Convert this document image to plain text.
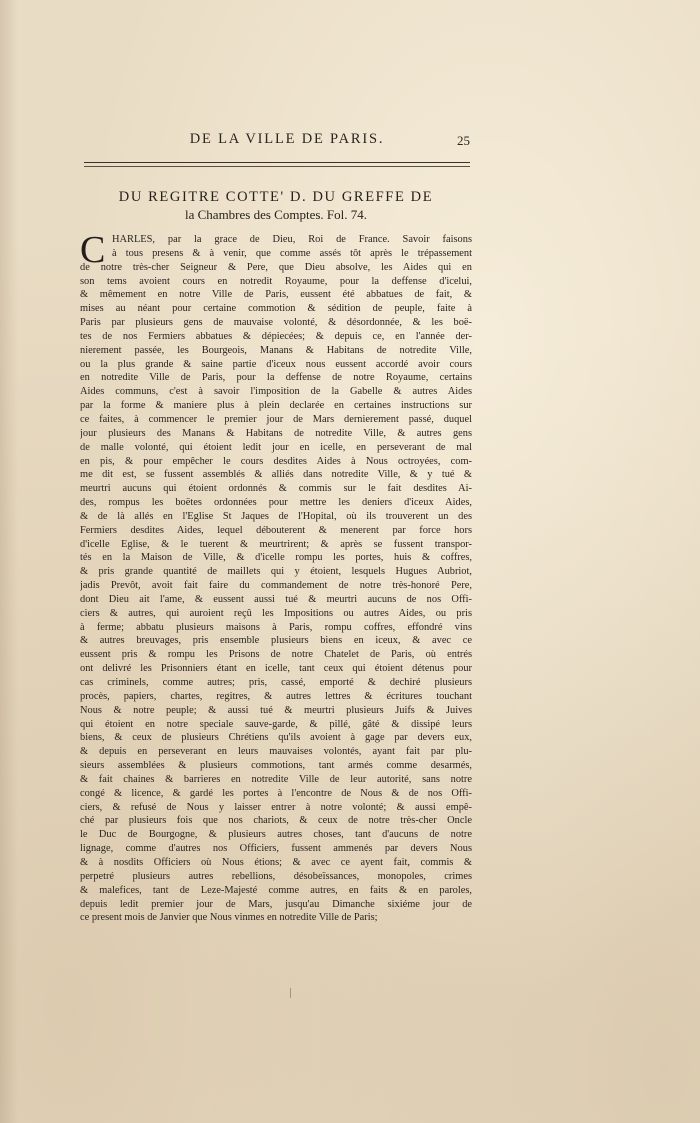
DE LA VILLE DE PARIS.	25
DU REGITRE COTTE' D. DU GREFFE DE
la Chambres des Comptes. Fol. 74.
C HARLES, par la grace de Dieu, Roi de France. Savoir faisons
à tous presens & à venir, que comme assés tôt après le trépassement
de notre très-cher Seigneur & Pere, que Dieu absolve, les Aides qui en
son tems avoient cours en notredit Royaume, pour la deffense d'icelui,
& mêmement en notre Ville de Paris, eussent été abbatues de fait, &
mises au néant pour certaine commotion & sédition de peuple, faite à
Paris par plusieurs gens de mauvaise volonté, & désordonnée, & les boë-
tes de nos Fermiers abbatues & dépiecées; & depuis ce, en l'année der-
nierement passée, les Bourgeois, Manans & Habitans de notredite Ville,
ou la plus grande & saine partie d'iceux nous eussent accordé avoir cours
en notredite Ville de Paris, pour la deffense de notre Royaume, certains
Aides communs, c'est à savoir l'imposition de la Gabelle & autres Aides
par la forme & maniere plus à plein declarée en certaines instructions sur
ce faites, à commencer le premier jour de Mars dernierement passé, duquel
jour plusieurs des Manans & Habitans de notredite Ville, & autres gens
de malle volonté, qui étoient ledit jour en icelle, en perseverant de mal
en pis, & pour empêcher le cours desdites Aides à Nous octroyées, com-
me dit est, se fussent assemblés & alliés dans notredite Ville, & y tué &
meurtri aucuns qui étoient ordonnés & commis sur le fait desdites Ai-
des, rompus les boëtes ordonnées pour mettre les deniers d'iceux Aides,
& de là allés en l'Eglise St Jaques de l'Hopital, où ils trouverent un des
Fermiers desdites Aides, lequel débouterent & menerent par force hors
d'icelle Eglise, & le tuerent & meurtrirent; & après se fussent transpor-
tés en la Maison de Ville, & d'icelle rompu les portes, huis & coffres,
& pris grande quantité de maillets qui y étoient, lesquels Hugues Aubriot,
jadis Prevôt, avoit fait faire du commandement de notre très-honoré Pere,
dont Dieu ait l'ame, & eussent aussi tué & meurtri aucuns de nos Offi-
ciers & autres, qui auroient reçû les Impositions ou autres Aides, ou pris
à ferme; abbatu plusieurs maisons à Paris, rompu coffres, effondré vins
& autres breuvages, pris ensemble plusieurs biens en iceux, & avec ce
eussent pris & rompu les Prisons de notre Chatelet de Paris, où entrés
ont delivré les Prisonniers étant en icelle, tant ceux qui étoient détenus pour
cas criminels, comme autres; pris, cassé, emporté & dechiré plusieurs
procès, papiers, chartes, regitres, & autres lettres & écritures touchant
Nous & notre peuple; & aussi tué & meurtri plusieurs Juifs & Juives
qui étoient en notre speciale sauve-garde, & pillé, gâté & dissipé leurs
biens, & ceux de plusieurs Chrétiens qu'ils avoient à gage par devers eux,
& depuis en perseverant en leurs mauvaises volontés, ayant fait par plu-
sieurs assemblées & plusieurs commotions, tant armés comme desarmés,
& fait chaines & barrieres en notredite Ville de leur autorité, sans notre
congé & licence, & gardé les portes à l'encontre de Nous & de nos Offi-
ciers, & refusé de Nous y laisser entrer à notre volonté; & aussi empê-
ché par plusieurs fois que nos chariots, & ceux de notre très-cher Oncle
le Duc de Bourgogne, & plusieurs autres choses, tant d'aucuns de notre
lignage, comme d'autres nos Officiers, fussent ammenés par devers Nous
& à nosdits Officiers où Nous étions; & avec ce ayent fait, commis &
perpetré plusieurs autres rebellions, désobeïssances, monopoles, crimes
& malefices, tant de Leze-Majesté comme autres, en faits & en paroles,
depuis ledit premier jour de Mars, jusqu'au Dimanche sixiéme jour de
ce present mois de Janvier que Nous vinmes en notredite Ville de Paris;
